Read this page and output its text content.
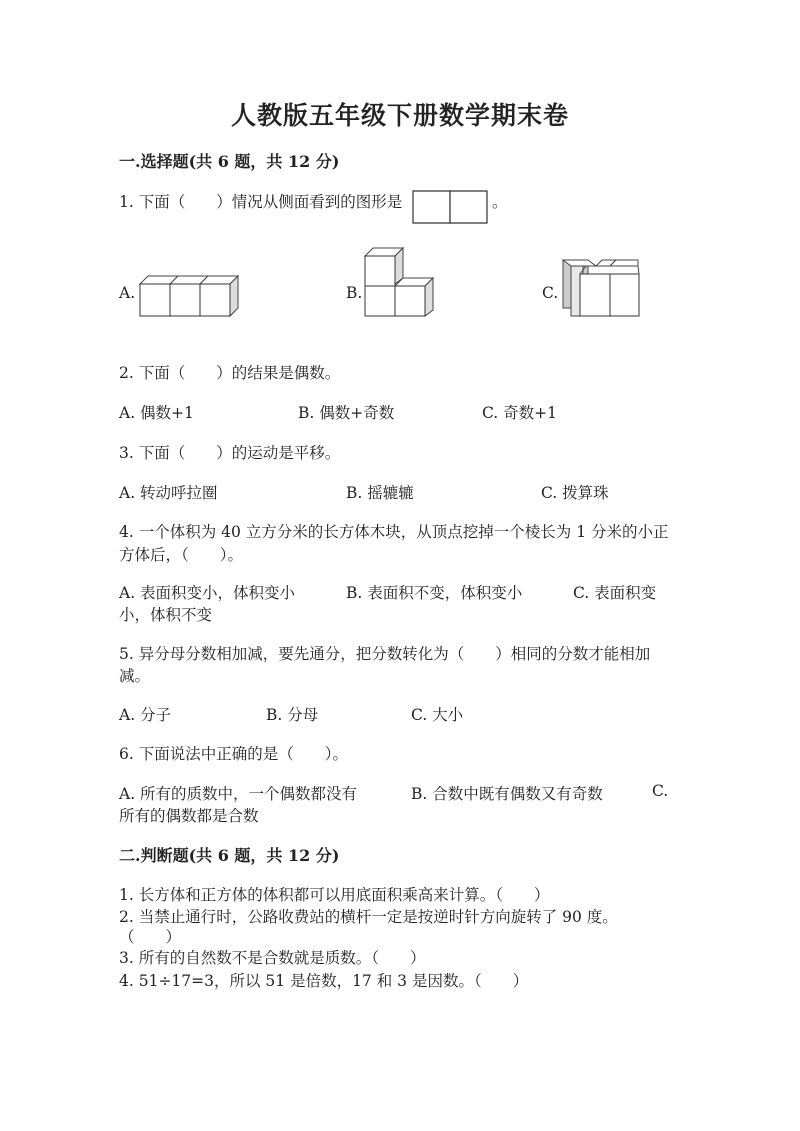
人教版五年级下册数学期末卷
一.选择题(共 6 题，共 12 分)
1. 下面（　　）情况从侧面看到的图形是	。
A.	B.	C.
2. 下面（　　）的结果是偶数。
A. 偶数+1	B. 偶数+奇数	C. 奇数+1
3. 下面（　　）的运动是平移。
A. 转动呼拉圈	B. 摇辘辘	C. 拨算珠
4. 一个体积为 40 立方分米的长方体木块，从顶点挖掉一个棱长为 1 分米的小正
方体后，（　　）。
A. 表面积变小，体积变小	B. 表面积不变，体积变小	C. 表面积变
小，体积不变
5. 异分母分数相加减，要先通分，把分数转化为（　　）相同的分数才能相加
减。
A. 分子	B. 分母	C. 大小
6. 下面说法中正确的是（　　）。
A. 所有的质数中，一个偶数都没有	B. 合数中既有偶数又有奇数	C.
所有的偶数都是合数
二.判断题(共 6 题，共 12 分)
1. 长方体和正方体的体积都可以用底面积乘高来计算。（　　）
2. 当禁止通行时，公路收费站的横杆一定是按逆时针方向旋转了 90 度。
（　　）
3. 所有的自然数不是合数就是质数。（　　）
4. 51÷17=3，所以 51 是倍数，17 和 3 是因数。（　　）
